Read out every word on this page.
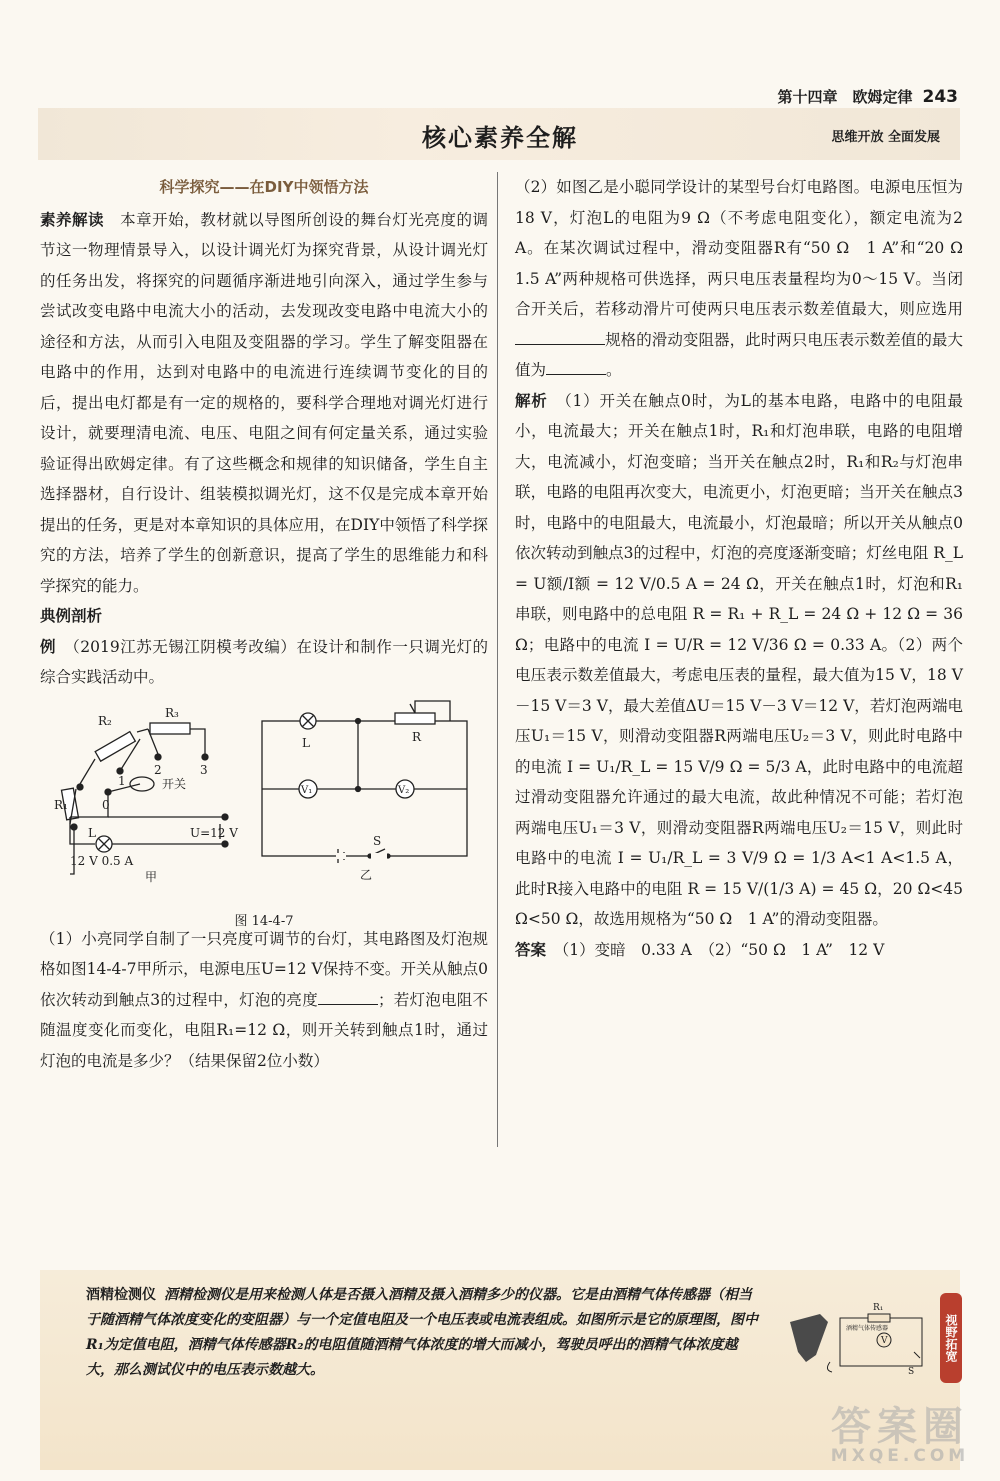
第十四章　欧姆定律 243
核心素养全解	思维开放 全面发展
科学探究——在DIY中领悟方法

素养解读　 本章开始，教材就以导图所创设的舞台灯光亮度的调节这一物理情景导入，以设计调光灯为探究背景，从设计调光灯的任务出发，将探究的问题循序渐进地引向深入，通过学生参与尝试改变电路中电流大小的活动，去发现改变电路中电流大小的途径和方法，从而引入电阻及变阻器的学习。学生了解变阻器在电路中的作用，达到对电路中的电流进行连续调节变化的目的后，提出电灯都是有一定的规格的，要科学合理地对调光灯进行设计，就要理清电流、电压、电阻之间有何定量关系，通过实验验证得出欧姆定律。有了这些概念和规律的知识储备，学生自主选择器材，自行设计、组装模拟调光灯，这不仅是完成本章开始提出的任务，更是对本章知识的具体应用，在DIY中领悟了科学探究的方法，培养了学生的创新意识，提高了学生的思维能力和科学探究的能力。

典例剖析

例　 （2019江苏无锡江阴模考改编）在设计和制作一只调光灯的综合实践活动中。

R₁
R₂
R₃
0
1
2	3
开关
L
12 V 0.5 A
U=12 V
甲
L	R
V₁	V₂
S
乙
图 14-4-7

（1）小亮同学自制了一只亮度可调节的台灯，其电路图及灯泡规格如图14-4-7甲所示，电源电压U=12 V保持不变。开关从触点0依次转动到触点3的过程中，灯泡的亮度	；若灯泡电阻不随温度变化而变化，电阻R₁=12 Ω，则开关转到触点1时，通过灯泡的电流是多少？（结果保留2位小数）

（2）如图乙是小聪同学设计的某型号台灯电路图。电源电压恒为18 V，灯泡L的电阻为9 Ω（不考虑电阻变化），额定电流为2 A。在某次调试过程中，滑动变阻器R有“50 Ω　1 A”和“20 Ω　1.5 A”两种规格可供选择，两只电压表量程均为0～15 V。当闭合开关后，若移动滑片可使两只电压表示数差值最大，则应选用规格的滑动变阻器，此时两只电压表示数差值的最大值为	。

解析　 （1）开关在触点0时，为L的基本电路，电路中的电阻最小，电流最大；开关在触点1时，R₁和灯泡串联，电路的电阻增大，电流减小，灯泡变暗；当开关在触点2时，R₁和R₂与灯泡串联，电路的电阻再次变大，电流更小，灯泡更暗；当开关在触点3时，电路中的电阻最大，电流最小，灯泡最暗；所以开关从触点0依次转动到触点3的过程中，灯泡的亮度逐渐变暗；灯丝电阻 R_L = U额/I额 = 12 V/0.5 A = 24 Ω，开关在触点1时，灯泡和R₁串联，则电路中的总电阻 R = R₁ + R_L = 24 Ω + 12 Ω = 36 Ω；电路中的电流 I = U/R = 12 V/36 Ω = 0.33 A。（2）两个电压表示数差值最大，考虑电压表的量程，最大值为15 V，18 V－15 V＝3 V，最大差值ΔU＝15 V－3 V＝12 V，若灯泡两端电压U₁＝15 V，则滑动变阻器R两端电压U₂＝3 V，则此时电路中的电流 I = U₁/R_L = 15 V/9 Ω = 5/3 A，此时电路中的电流超过滑动变阻器允许通过的最大电流，故此种情况不可能；若灯泡两端电压U₁＝3 V，则滑动变阻器R两端电压U₂＝15 V，则此时电路中的电流 I = U₁/R_L = 3 V/9 Ω = 1/3 A<1 A<1.5 A，此时R接入电路中的电阻 R = 15 V/(1/3 A) = 45 Ω，20 Ω<45 Ω<50 Ω，故选用规格为“50 Ω　1 A”的滑动变阻器。

答案　 （1）变暗　0.33 A　（2）“50 Ω　1 A”　12 V

酒精检测仪 酒精检测仪是用来检测人体是否摄入酒精及摄入酒精多少的仪器。它是由酒精气体传感器（相当于随酒精气体浓度变化的变阻器）与一个定值电阻及一个电压表或电流表组成。如图所示是它的原理图，图中R₁为定值电阻，酒精气体传感器R₂的电阻值随酒精气体浓度的增大而减小，驾驶员呼出的酒精气体浓度越大，那么测试仪中的电压表示数越大。
R₁
酒精气体传感器
V
S
视野拓宽
答案圈
MXQE.COM
